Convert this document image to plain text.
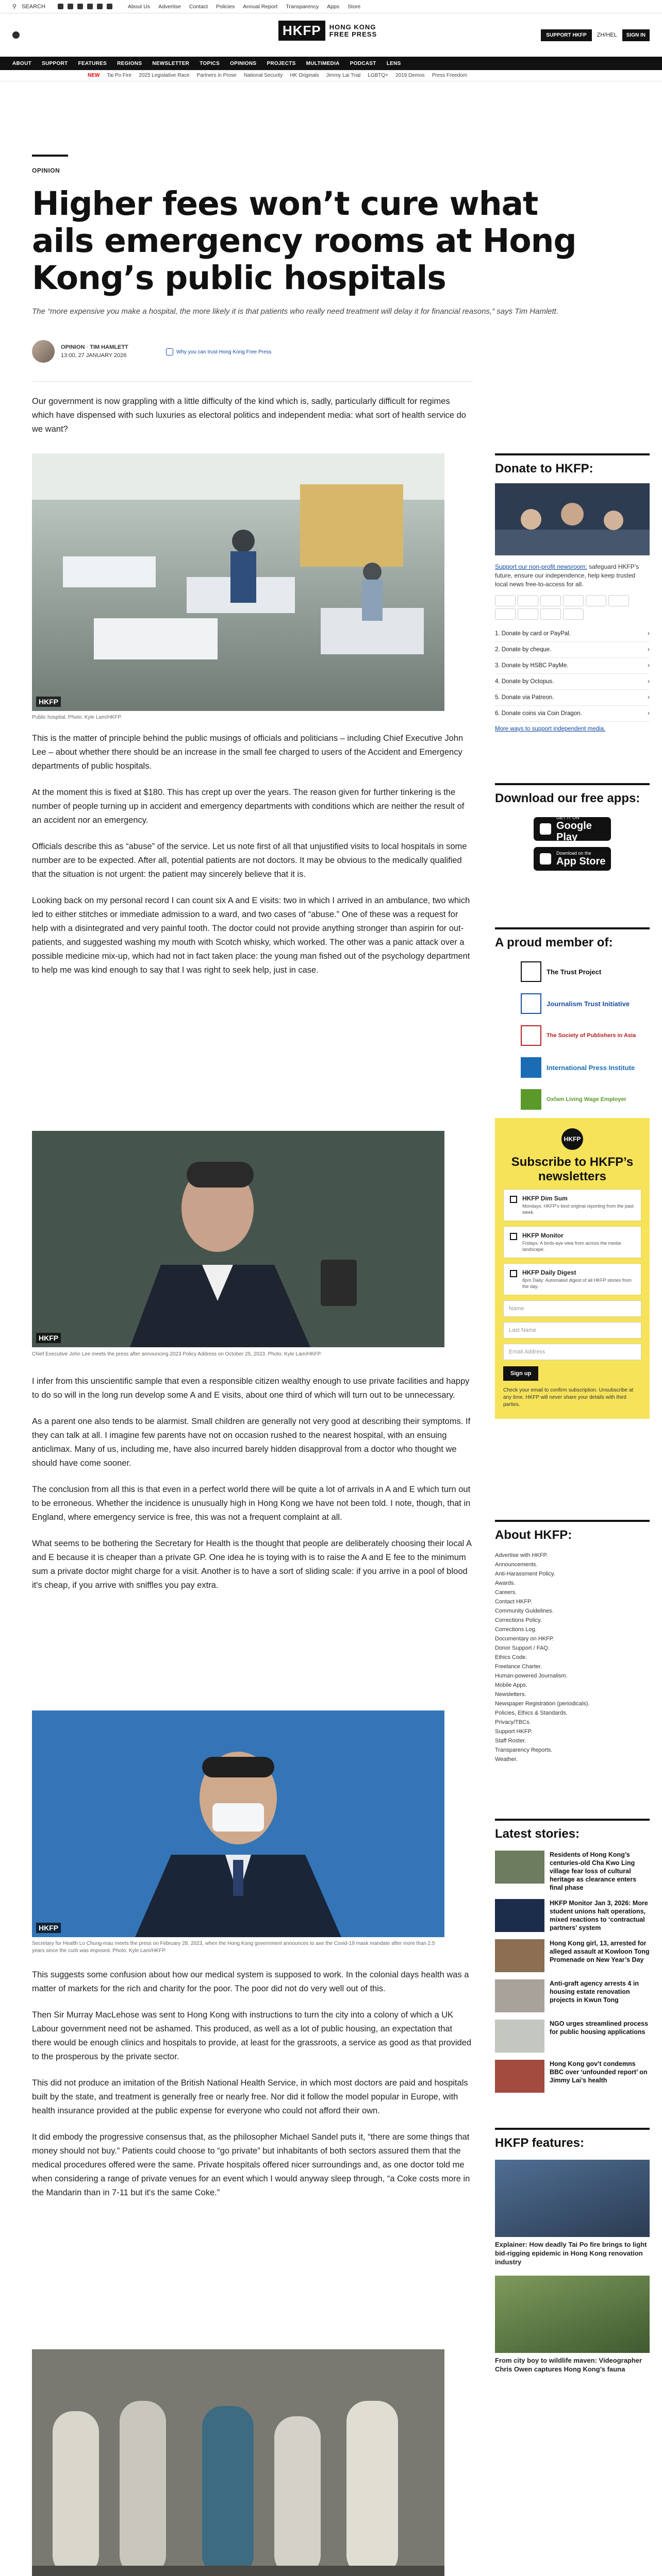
⚲ SEARCH	About Us Advertise Contact Policies Annual Report Transparency Apps Store
HKFP	HONG KONG
FREE PRESS	SUPPORT HKFP	ZH/HEL	SIGN IN
ABOUT SUPPORT FEATURES REGIONS NEWSLETTER TOPICS OPINIONS PROJECTS MULTIMEDIA PODCAST LENS
NEW Tai Po Fire 2025 Legislative Race Partners in Prose National Security HK Originals Jimmy Lai Trial LGBTQ+ 2019 Demos Press Freedom
OPINION
Higher fees won’t cure what ails emergency rooms at Hong Kong’s public hospitals
The “more expensive you make a hospital, the more likely it is that patients who really need treatment will delay it for financial reasons,” says Tim Hamlett.
OPINION · TIM HAMLETT
13:00, 27 JANUARY 2026
Why you can trust Hong Kong Free Press

Our government is now grappling with a little difficulty of the kind which is, sadly, particularly difficult for regimes which have dispensed with such luxuries as electoral politics and independent media: what sort of health service do we want?

HKFP
Public hospital. Photo: Kyle Lam/HKFP.

This is the matter of principle behind the public musings of officials and politicians – including Chief Executive John Lee – about whether there should be an increase in the small fee charged to users of the Accident and Emergency departments of public hospitals.

At the moment this is fixed at $180. This has crept up over the years. The reason given for further tinkering is the number of people turning up in accident and emergency departments with conditions which are neither the result of an accident nor an emergency.

Officials describe this as “abuse” of the service. Let us note first of all that unjustified visits to local hospitals in some number are to be expected. After all, potential patients are not doctors. It may be obvious to the medically qualified that the situation is not urgent: the patient may sincerely believe that it is.

Looking back on my personal record I can count six A and E visits: two in which I arrived in an ambulance, two which led to either stitches or immediate admission to a ward, and two cases of “abuse.” One of these was a request for help with a disintegrated and very painful tooth. The doctor could not provide anything stronger than aspirin for out-patients, and suggested washing my mouth with Scotch whisky, which worked. The other was a panic attack over a possible medicine mix-up, which had not in fact taken place: the young man fished out of the psychology department to help me was kind enough to say that I was right to seek help, just in case.

HKFP
Chief Executive John Lee meets the press after announcing 2023 Policy Address on October 25, 2023. Photo: Kyle Lam/HKFP.

I infer from this unscientific sample that even a responsible citizen wealthy enough to use private facilities and happy to do so will in the long run develop some A and E visits, about one third of which will turn out to be unnecessary.

As a parent one also tends to be alarmist. Small children are generally not very good at describing their symptoms. If they can talk at all. I imagine few parents have not on occasion rushed to the nearest hospital, with an ensuing anticlimax. Many of us, including me, have also incurred barely hidden disapproval from a doctor who thought we should have come sooner.

The conclusion from all this is that even in a perfect world there will be quite a lot of arrivals in A and E which turn out to be erroneous. Whether the incidence is unusually high in Hong Kong we have not been told. I note, though, that in England, where emergency service is free, this was not a frequent complaint at all.

What seems to be bothering the Secretary for Health is the thought that people are deliberately choosing their local A and E because it is cheaper than a private GP. One idea he is toying with is to raise the A and E fee to the minimum sum a private doctor might charge for a visit. Another is to have a sort of sliding scale: if you arrive in a pool of blood it's cheap, if you arrive with sniffles you pay extra.

HKFP
Secretary for Health Lo Chung-mau meets the press on February 28, 2023, when the Hong Kong government announces to axe the Covid-19 mask mandate after more than 2.5 years since the curb was imposed. Photo: Kyle Lam/HKFP.

This suggests some confusion about how our medical system is supposed to work. In the colonial days health was a matter of markets for the rich and charity for the poor. The poor did not do very well out of this.

Then Sir Murray MacLehose was sent to Hong Kong with instructions to turn the city into a colony of which a UK Labour government need not be ashamed. This produced, as well as a lot of public housing, an expectation that there would be enough clinics and hospitals to provide, at least for the grassroots, a service as good as that provided to the prosperous by the private sector.

This did not produce an imitation of the British National Health Service, in which most doctors are paid and hospitals built by the state, and treatment is generally free or nearly free. Nor did it follow the model popular in Europe, with health insurance provided at the public expense for everyone who could not afford their own.

It did embody the progressive consensus that, as the philosopher Michael Sandel puts it, “there are some things that money should not buy.” Patients could choose to “go private” but inhabitants of both sectors assured them that the medical procedures offered were the same. Private hospitals offered nicer surroundings and, as one doctor told me when considering a range of private venues for an event which I would anyway sleep through, “a Coke costs more in the Mandarin than in 7-11 but it's the same Coke.”

Donate to HKFP:
Support our non-profit newsroom: safeguard HKFP’s future, ensure our independence, help keep trusted local news free-to-access for all.
1. Donate by card or PayPal.	›
2. Donate by cheque.	›
3. Donate by HSBC PayMe.	›
4. Donate by Octopus.	›
5. Donate via Patreon.	›
6. Donate coins via Coin Dragon.	›
More ways to support independent media.
Download our free apps:
GET IT ON
Google Play
Download on the
App Store
A proud member of:
The Trust Project
Journalism Trust Initiative
The Society of Publishers in Asia
International Press Institute
Oxfam Living Wage Employer
HKFP
Subscribe to HKFP’s newsletters
HKFP Dim Sum
Mondays: HKFP’s best original reporting from the past week.
HKFP Monitor
Fridays: A birds-eye view from across the media landscape.
HKFP Daily Digest
8pm Daily: Automated digest of all HKFP stories from the day.
Name
Last Name
Email Address
Sign up
Check your email to confirm subscription. Unsubscribe at any time. HKFP will never share your details with third parties.
About HKFP:
Advertise with HKFP.
Announcements.
Anti-Harassment Policy.
Awards.
Careers.
Contact HKFP.
Community Guidelines.
Corrections Policy.
Corrections Log.
Documentary on HKFP.
Donor Support / FAQ.
Ethics Code.
Freelance Charter.
Human-powered Journalism.
Mobile Apps.
Newsletters.
Newspaper Registration (periodicals).
Policies, Ethics & Standards.
Privacy/TBCs.
Support HKFP.
Staff Roster.
Transparency Reports.
Weather.
Latest stories:
Residents of Hong Kong’s centuries-old Cha Kwo Ling village fear loss of cultural heritage as clearance enters final phase
HKFP Monitor Jan 3, 2026: More student unions halt operations, mixed reactions to ‘contractual partners’ system
Hong Kong girl, 13, arrested for alleged assault at Kowloon Tong Promenade on New Year’s Day
Anti-graft agency arrests 4 in housing estate renovation projects in Kwun Tong
NGO urges streamlined process for public housing applications
Hong Kong gov’t condemns BBC over ‘unfounded report’ on Jimmy Lai’s health
HKFP features:
Explainer: How deadly Tai Po fire brings to light bid-rigging epidemic in Hong Kong renovation industry
From city boy to wildlife maven: Videographer Chris Owen captures Hong Kong’s fauna
